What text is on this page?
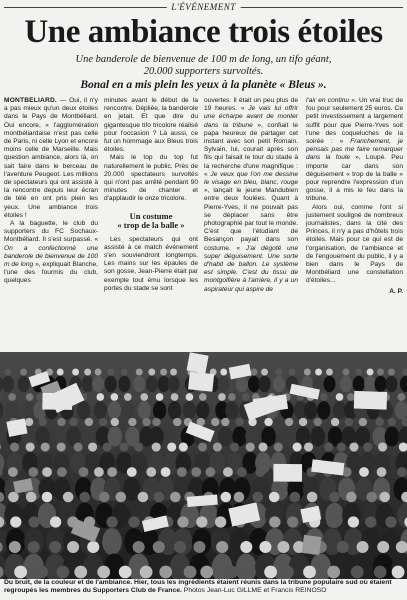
L'ÉVÉNEMENT
Une ambiance trois étoiles
Une banderole de bienvenue de 100 m de long, un tifo géant,
20.000 supporters survoltés.
Bonal en a mis plein les yeux à la planète « Bleus ».

MONTBÉLIARD. — Oui, il n'y a pas mieux qu'un deux étoiles dans le Pays de Montbéliard. Oui encore, « l'agglomération montbéliardaise n'est pas celle de Paris, ni celle Lyon et encore moins celle de Marseille. Mais question ambiance, alors là, on sait faire dans le berceau de l'aventure Peugeot. Les millions de spectateurs qui ont assisté à la rencontre depuis leur écran de télé en ont pris plein les yeux. Une ambiance trois étoiles !

A la baguette, le club du supporters du FC Sochaux-Montbéliard. Il s'est surpassé. « On a confectionné une banderole de bienvenue de 100 m de long », expliquait Blanche, l'une des fourmis du club, quelques

minutes avant le début de la rencontre. Dépliée, la banderole en jetait. Et que dire du gigantesque tifo tricolore réalisé pour l'occasion ? Là aussi, ce fut un hommage aux Bleus trois étoiles.

Mais le top du top fut naturellement le public. Près de 20.000 spectateurs survoltés qui n'ont pas arrêté pendant 90 minutes de chanter et d'applaudir le onze tricolore.

Un costume
« trop de la balle »

Les spectateurs qui ont assisté à ce match événement s'en souviendront longtemps. Les mains sur les épaules de son gosse, Jean-Pierre était par exemple tout ému lorsque les portes du stade se sont

ouvertes. Il était un peu plus de 19 heures. « Je vais lui offrir une écharpe avant de monter dans la tribune », confiait le papa heureux de partager cet instant avec son petit Romain. Sylvain, lui, courait après son fils qui faisait le tour du stade à la recherche d'une magnifique : « Je veux que l'on me dessine le visage en bleu, blanc, rouge », lançait le jeune Mandubien entre deux foulées. Quant à Pierre-Yves, il ne pouvait pas se déplacer sans être photographié par tout le monde. C'est que l'étudiant de Besançon payait dans son costume. « J'ai dégoté une super déguisement. Une sorte d'habit de ballon. Le système est simple. C'est du tissu de montgolfière à l'arrière, il y a un aspirateur qui aspire de

l'air en continu ». Un vrai truc de fou pour seulement 25 euros. Ce petit investissement a largement suffit pour que Pierre-Yves soit l'une des coqueluches de la soirée : « Franchement, je pensais pas me faire remarquer dans la foule », Loupé. Peu importe car dans son déguisement « trop de la balle » pour reprendre l'expression d'un gosse, il a mis le feu dans la tribune.

Alors oui, comme l'ont si justement souligné de nombreux journalistes, dans la cité des Princes, il n'y a pas d'hôtels trois étoiles. Mais pour ce qui est de l'organisation, de l'ambiance et de l'engouement du public, il y a bien dans le Pays de Montbéliard une constellation d'étoiles...

A. P.

Du bruit, de la couleur et de l'ambiance. Hier, tous les ingrédients étaient réunis dans la tribune populaire sud où étaient regroupés les membres du Supporters Club de France. Photos Jean-Luc GILLME et Francis REINOSO
